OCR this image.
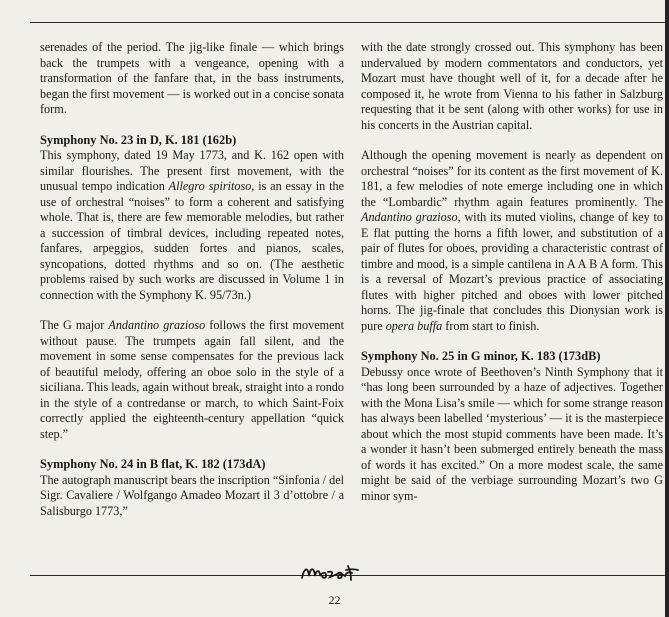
serenades of the period. The jig-like finale — which brings back the trumpets with a vengeance, opening with a transformation of the fanfare that, in the bass instruments, began the first movement — is worked out in a concise sonata form.

Symphony No. 23 in D, K. 181 (162b)

This symphony, dated 19 May 1773, and K. 162 open with similar flourishes. The present first movement, with the unusual tempo indication Allegro spiritoso, is an essay in the use of orchestral “noises” to form a coherent and satisfying whole. That is, there are few memorable melodies, but rather a succession of timbral devices, including repeated notes, fanfares, arpeggios, sudden fortes and pianos, scales, syncopations, dotted rhythms and so on. (The aesthetic problems raised by such works are discussed in Volume 1 in connection with the Symphony K. 95/73n.)

The G major Andantino grazioso follows the first movement without pause. The trumpets again fall silent, and the movement in some sense compensates for the previous lack of beautiful melody, offering an oboe solo in the style of a siciliana. This leads, again without break, straight into a rondo in the style of a contredanse or march, to which Saint-Foix correctly applied the eighteenth-century appellation “quick step.”

Symphony No. 24 in B flat, K. 182 (173dA)

The autograph manuscript bears the inscription “Sinfonia / del Sigr. Cavaliere / Wolfgango Amadeo Mozart il 3 d’ottobre / a Salisburgo 1773,”

with the date strongly crossed out. This symphony has been undervalued by modern commentators and conductors, yet Mozart must have thought well of it, for a decade after he composed it, he wrote from Vienna to his father in Salzburg requesting that it be sent (along with other works) for use in his concerts in the Austrian capital.

Although the opening movement is nearly as dependent on orchestral “noises” for its content as the first movement of K. 181, a few melodies of note emerge including one in which the “Lombardic” rhythm again features prominently. The Andantino grazioso, with its muted violins, change of key to E flat putting the horns a fifth lower, and substitution of a pair of flutes for oboes, providing a characteristic contrast of timbre and mood, is a simple cantilena in A A B A form. This is a reversal of Mozart’s previous practice of associating flutes with higher pitched and oboes with lower pitched horns. The jig-finale that concludes this Dionysian work is pure opera buffa from start to finish.

Symphony No. 25 in G minor, K. 183 (173dB)

Debussy once wrote of Beethoven’s Ninth Symphony that it “has long been surrounded by a haze of adjectives. Together with the Mona Lisa’s smile — which for some strange reason has always been labelled ‘mysterious’ — it is the masterpiece about which the most stupid comments have been made. It’s a wonder it hasn’t been submerged entirely beneath the mass of words it has excited.” On a more modest scale, the same might be said of the verbiage surrounding Mozart’s two G minor sym-

22
